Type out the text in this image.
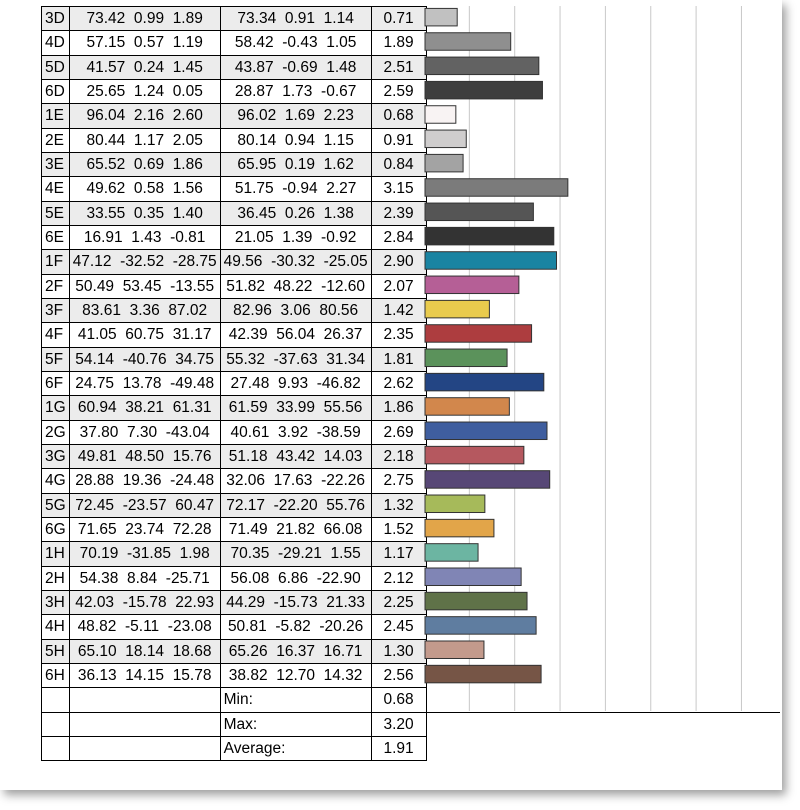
3D	73.42 0.99 1.89	73.34 0.91 1.14	0.71
4D	57.15 0.57 1.19	58.42 -0.43 1.05	1.89
5D	41.57 0.24 1.45	43.87 -0.69 1.48	2.51
6D	25.65 1.24 0.05	28.87 1.73 -0.67	2.59
1E	96.04 2.16 2.60	96.02 1.69 2.23	0.68
2E	80.44 1.17 2.05	80.14 0.94 1.15	0.91
3E	65.52 0.69 1.86	65.95 0.19 1.62	0.84
4E	49.62 0.58 1.56	51.75 -0.94 2.27	3.15
5E	33.55 0.35 1.40	36.45 0.26 1.38	2.39
6E	16.91 1.43 -0.81	21.05 1.39 -0.92	2.84
1F	47.12 -32.52 -28.75	49.56 -30.32 -25.05	2.90
2F	50.49 53.45 -13.55	51.82 48.22 -12.60	2.07
3F	83.61 3.36 87.02	82.96 3.06 80.56	1.42
4F	41.05 60.75 31.17	42.39 56.04 26.37	2.35
5F	54.14 -40.76 34.75	55.32 -37.63 31.34	1.81
6F	24.75 13.78 -49.48	27.48 9.93 -46.82	2.62
1G	60.94 38.21 61.31	61.59 33.99 55.56	1.86
2G	37.80 7.30 -43.04	40.61 3.92 -38.59	2.69
3G	49.81 48.50 15.76	51.18 43.42 14.03	2.18
4G	28.88 19.36 -24.48	32.06 17.63 -22.26	2.75
5G	72.45 -23.57 60.47	72.17 -22.20 55.76	1.32
6G	71.65 23.74 72.28	71.49 21.82 66.08	1.52
1H	70.19 -31.85 1.98	70.35 -29.21 1.55	1.17
2H	54.38 8.84 -25.71	56.08 6.86 -22.90	2.12
3H	42.03 -15.78 22.93	44.29 -15.73 21.33	2.25
4H	48.82 -5.11 -23.08	50.81 -5.82 -20.26	2.45
5H	65.10 18.14 18.68	65.26 16.37 16.71	1.30
6H	36.13 14.15 15.78	38.82 12.70 14.32	2.56
		Min:	0.68
		Max:	3.20
		Average:	1.91
